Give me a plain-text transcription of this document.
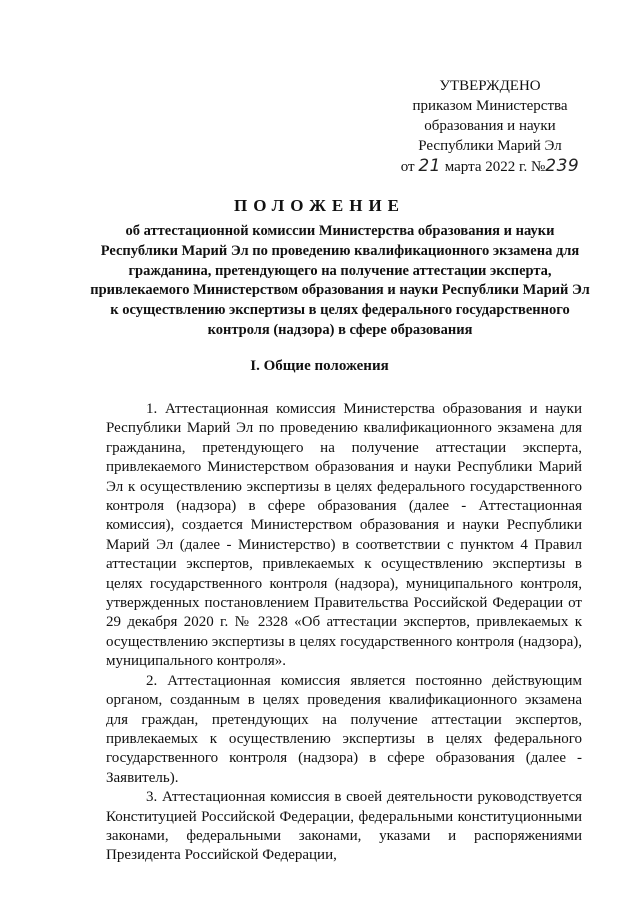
УТВЕРЖДЕНО
приказом Министерства
образования и науки
Республики Марий Эл
от 21 марта 2022 г. №239
ПОЛОЖЕНИЕ
об аттестационной комиссии Министерства образования и науки Республики Марий Эл по проведению квалификационного экзамена для гражданина, претендующего на получение аттестации эксперта, привлекаемого Министерством образования и науки Республики Марий Эл к осуществлению экспертизы в целях федерального государственного контроля (надзора) в сфере образования
I. Общие положения

1. Аттестационная комиссия Министерства образования и науки Республики Марий Эл по проведению квалификационного экзамена для гражданина, претендующего на получение аттестации эксперта, привлекаемого Министерством образования и науки Республики Марий Эл к осуществлению экспертизы в целях федерального государственного контроля (надзора) в сфере образования (далее - Аттестационная комиссия), создается Министерством образования и науки Республики Марий Эл (далее - Министерство) в соответствии с пунктом 4 Правил аттестации экспертов, привлекаемых к осуществлению экспертизы в целях государственного контроля (надзора), муниципального контроля, утвержденных постановлением Правительства Российской Федерации от 29 декабря 2020 г. № 2328 «Об аттестации экспертов, привлекаемых к осуществлению экспертизы в целях государственного контроля (надзора), муниципального контроля».

2. Аттестационная комиссия является постоянно действующим органом, созданным в целях проведения квалификационного экзамена для граждан, претендующих на получение аттестации экспертов, привлекаемых к осуществлению экспертизы в целях федерального государственного контроля (надзора) в сфере образования (далее - Заявитель).

3. Аттестационная комиссия в своей деятельности руководствуется Конституцией Российской Федерации, федеральными конституционными законами, федеральными законами, указами и распоряжениями Президента Российской Федерации,
